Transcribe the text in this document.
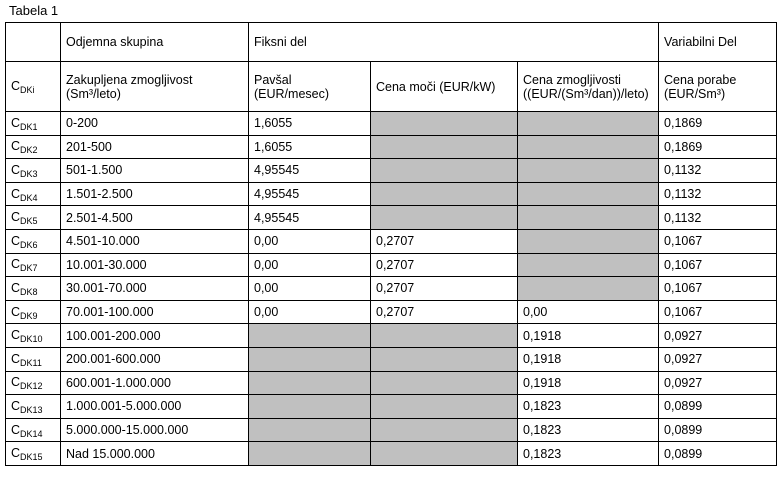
Tabela 1
	Odjemna skupina	Fiksni del			Variabilni Del
$C_{DKi}$	Zakupljena zmogljivost (Sm³/leto)	Pavšal (EUR/mesec)	Cena moči (EUR/kW)	Cena zmogljivosti ((EUR/(Sm³/dan))/leto)	Cena porabe (EUR/Sm³)
$C_{DK1}$	0-200	1,6055			0,1869
$C_{DK2}$	201-500	1,6055			0,1869
$C_{DK3}$	501-1.500	4,95545			0,1132
$C_{DK4}$	1.501-2.500	4,95545			0,1132
$C_{DK5}$	2.501-4.500	4,95545			0,1132
$C_{DK6}$	4.501-10.000	0,00	0,2707		0,1067
$C_{DK7}$	10.001-30.000	0,00	0,2707		0,1067
$C_{DK8}$	30.001-70.000	0,00	0,2707		0,1067
$C_{DK9}$	70.001-100.000	0,00	0,2707	0,00	0,1067
$C_{DK10}$	100.001-200.000			0,1918	0,0927
$C_{DK11}$	200.001-600.000			0,1918	0,0927
$C_{DK12}$	600.001-1.000.000			0,1918	0,0927
$C_{DK13}$	1.000.001-5.000.000			0,1823	0,0899
$C_{DK14}$	5.000.000-15.000.000			0,1823	0,0899
$C_{DK15}$	Nad 15.000.000			0,1823	0,0899
